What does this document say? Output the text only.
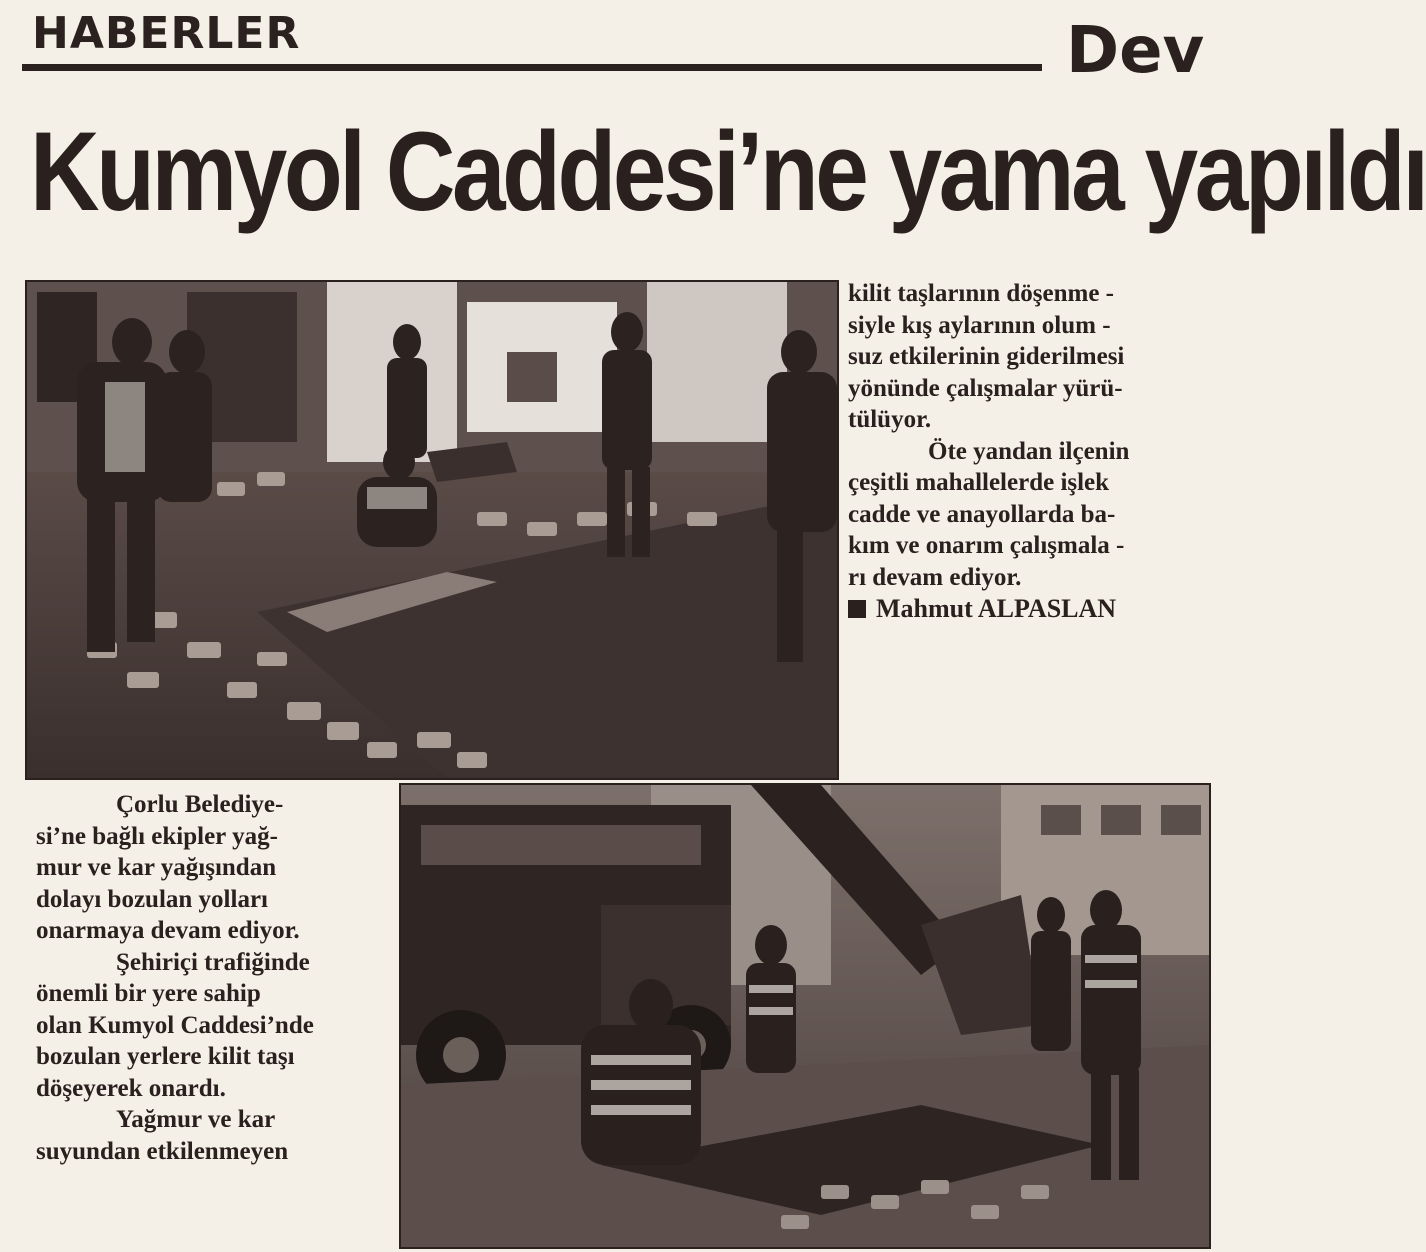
HABERLER	Dev
Kumyol Caddesi’ne yama yapıldı
kilit taşlarının döşenme -
siyle kış aylarının olum -
suz etkilerinin giderilmesi
yönünde çalışmalar yürü-
tülüyor.
Öte yandan ilçenin
çeşitli mahallelerde işlek
cadde ve anayollarda ba-
kım ve onarım çalışmala -
rı devam ediyor.
Mahmut ALPASLAN
Çorlu Belediye-
si’ne bağlı ekipler yağ-
mur ve kar yağışından
dolayı bozulan yolları
onarmaya devam ediyor.
Şehiriçi trafiğinde
önemli bir yere sahip
olan Kumyol Caddesi’nde
bozulan yerlere kilit taşı
döşeyerek onardı.
Yağmur ve kar
suyundan etkilenmeyen
